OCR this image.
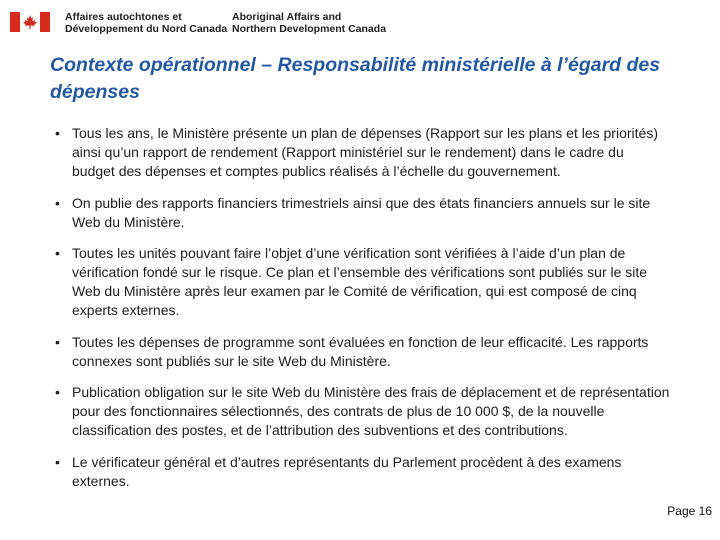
Affaires autochtones et
Développement du Nord Canada
Aboriginal Affairs and
Northern Development Canada
Contexte opérationnel – Responsabilité ministérielle à l’égard des dépenses
• Tous les ans, le Ministère présente un plan de dépenses (Rapport sur les plans et les priorités) ainsi qu’un rapport de rendement (Rapport ministériel sur le rendement) dans le cadre du budget des dépenses et comptes publics réalisés à l’échelle du gouvernement.
• On publie des rapports financiers trimestriels ainsi que des états financiers annuels sur le site Web du Ministère.
• Toutes les unités pouvant faire l’objet d’une vérification sont vérifiées à l’aide d’un plan de vérification fondé sur le risque. Ce plan et l’ensemble des vérifications sont publiés sur le site Web du Ministère après leur examen par le Comité de vérification, qui est composé de cinq experts externes.
• Toutes les dépenses de programme sont évaluées en fonction de leur efficacité. Les rapports connexes sont publiés sur le site Web du Ministère.
• Publication obligation sur le site Web du Ministère des frais de déplacement et de représentation pour des fonctionnaires sélectionnés, des contrats de plus de 10 000 $, de la nouvelle classification des postes, et de l’attribution des subventions et des contributions.
• Le vérificateur général et d’autres représentants du Parlement procèdent à des examens externes.
Page 16
